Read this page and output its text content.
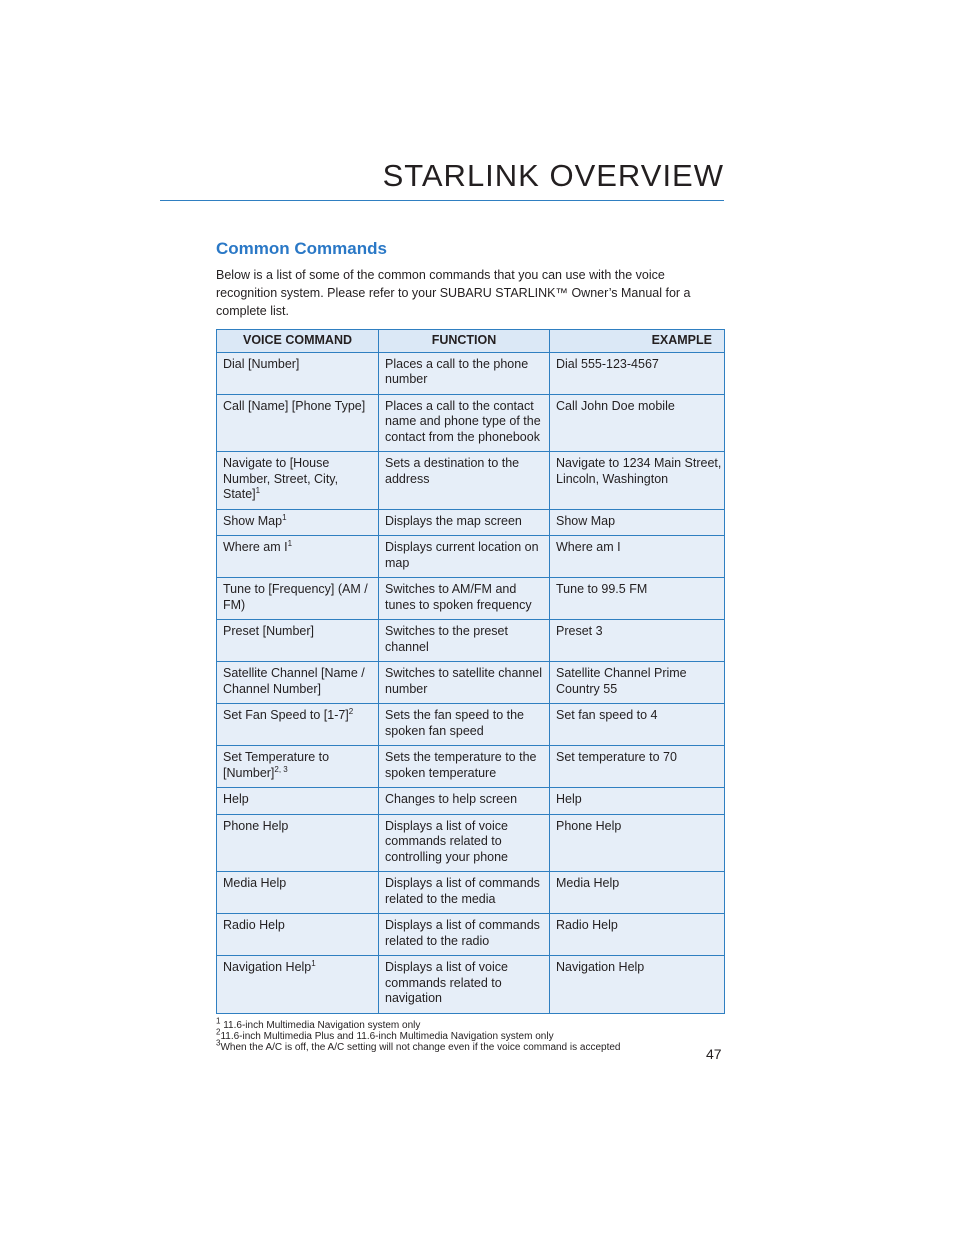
STARLINK OVERVIEW
Common Commands

Below is a list of some of the common commands that you can use with the voice recognition system. Please refer to your SUBARU STARLINK™ Owner’s Manual for a complete list.

VOICE COMMAND	FUNCTION	EXAMPLE
Dial [Number]	Places a call to the phone number	Dial 555-123-4567
Call [Name] [Phone Type]	Places a call to the contact name and phone type of the contact from the phonebook	Call John Doe mobile
Navigate to [House Number, Street, City, State]$^1$	Sets a destination to the address	Navigate to 1234 Main Street, Lincoln, Washington
Show Map$^1$	Displays the map screen	Show Map
Where am $I^1$	Displays current location on map	Where am I
Tune to [Frequency] (AM / FM)	Switches to AM/FM and tunes to spoken frequency	Tune to 99.5 FM
Preset [Number]	Switches to the preset channel	Preset 3
Satellite Channel [Name / Channel Number]	Switches to satellite channel number	Satellite Channel Prime Country 55
Set Fan Speed to $[1-7]^2$	Sets the fan speed to the spoken fan speed	Set fan speed to 4
Set Temperature to [Number]$^{2, 3}$	Sets the temperature to the spoken temperature	Set temperature to 70
Help	Changes to help screen	Help
Phone Help	Displays a list of voice commands related to controlling your phone	Phone Help
Media Help	Displays a list of commands related to the media	Media Help
Radio Help	Displays a list of commands related to the radio	Radio Help
Navigation Help$^1$	Displays a list of voice commands related to navigation	Navigation Help
$^1$ 11.6-inch Multimedia Navigation system only
$^2$11.6-inch Multimedia Plus and 11.6-inch Multimedia Navigation system only
$^3$When the A/C is off, the A/C setting will not change even if the voice command is accepted	47
